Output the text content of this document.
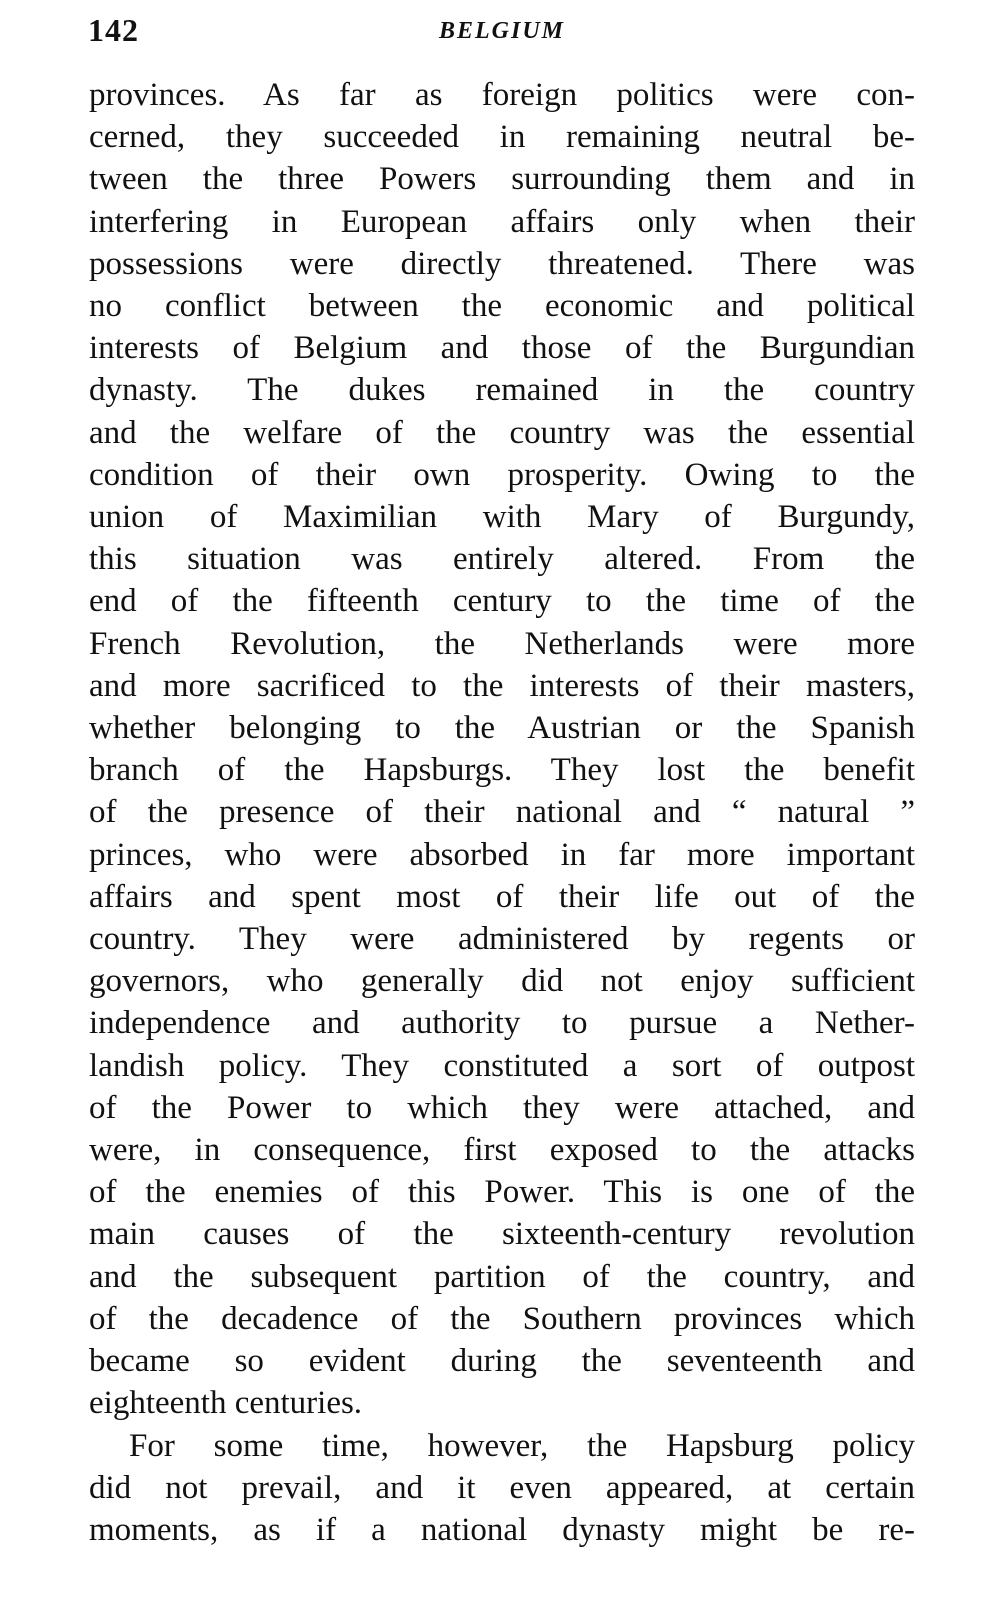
142	BELGIUM

provinces. As far as foreign politics were con-

cerned, they succeeded in remaining neutral be-

tween the three Powers surrounding them and in

interfering in European affairs only when their

possessions were directly threatened. There was

no conflict between the economic and political

interests of Belgium and those of the Burgundian

dynasty. The dukes remained in the country

and the welfare of the country was the essential

condition of their own prosperity. Owing to the

union of Maximilian with Mary of Burgundy,

this situation was entirely altered. From the

end of the fifteenth century to the time of the

French Revolution, the Netherlands were more

and more sacrificed to the interests of their masters,

whether belonging to the Austrian or the Spanish

branch of the Hapsburgs. They lost the benefit

of the presence of their national and “ natural ”

princes, who were absorbed in far more important

affairs and spent most of their life out of the

country. They were administered by regents or

governors, who generally did not enjoy sufficient

independence and authority to pursue a Nether-

landish policy. They constituted a sort of outpost

of the Power to which they were attached, and

were, in consequence, first exposed to the attacks

of the enemies of this Power. This is one of the

main causes of the sixteenth-century revolution

and the subsequent partition of the country, and

of the decadence of the Southern provinces which

became so evident during the seventeenth and

eighteenth centuries.

For some time, however, the Hapsburg policy

did not prevail, and it even appeared, at certain

moments, as if a national dynasty might be re-
